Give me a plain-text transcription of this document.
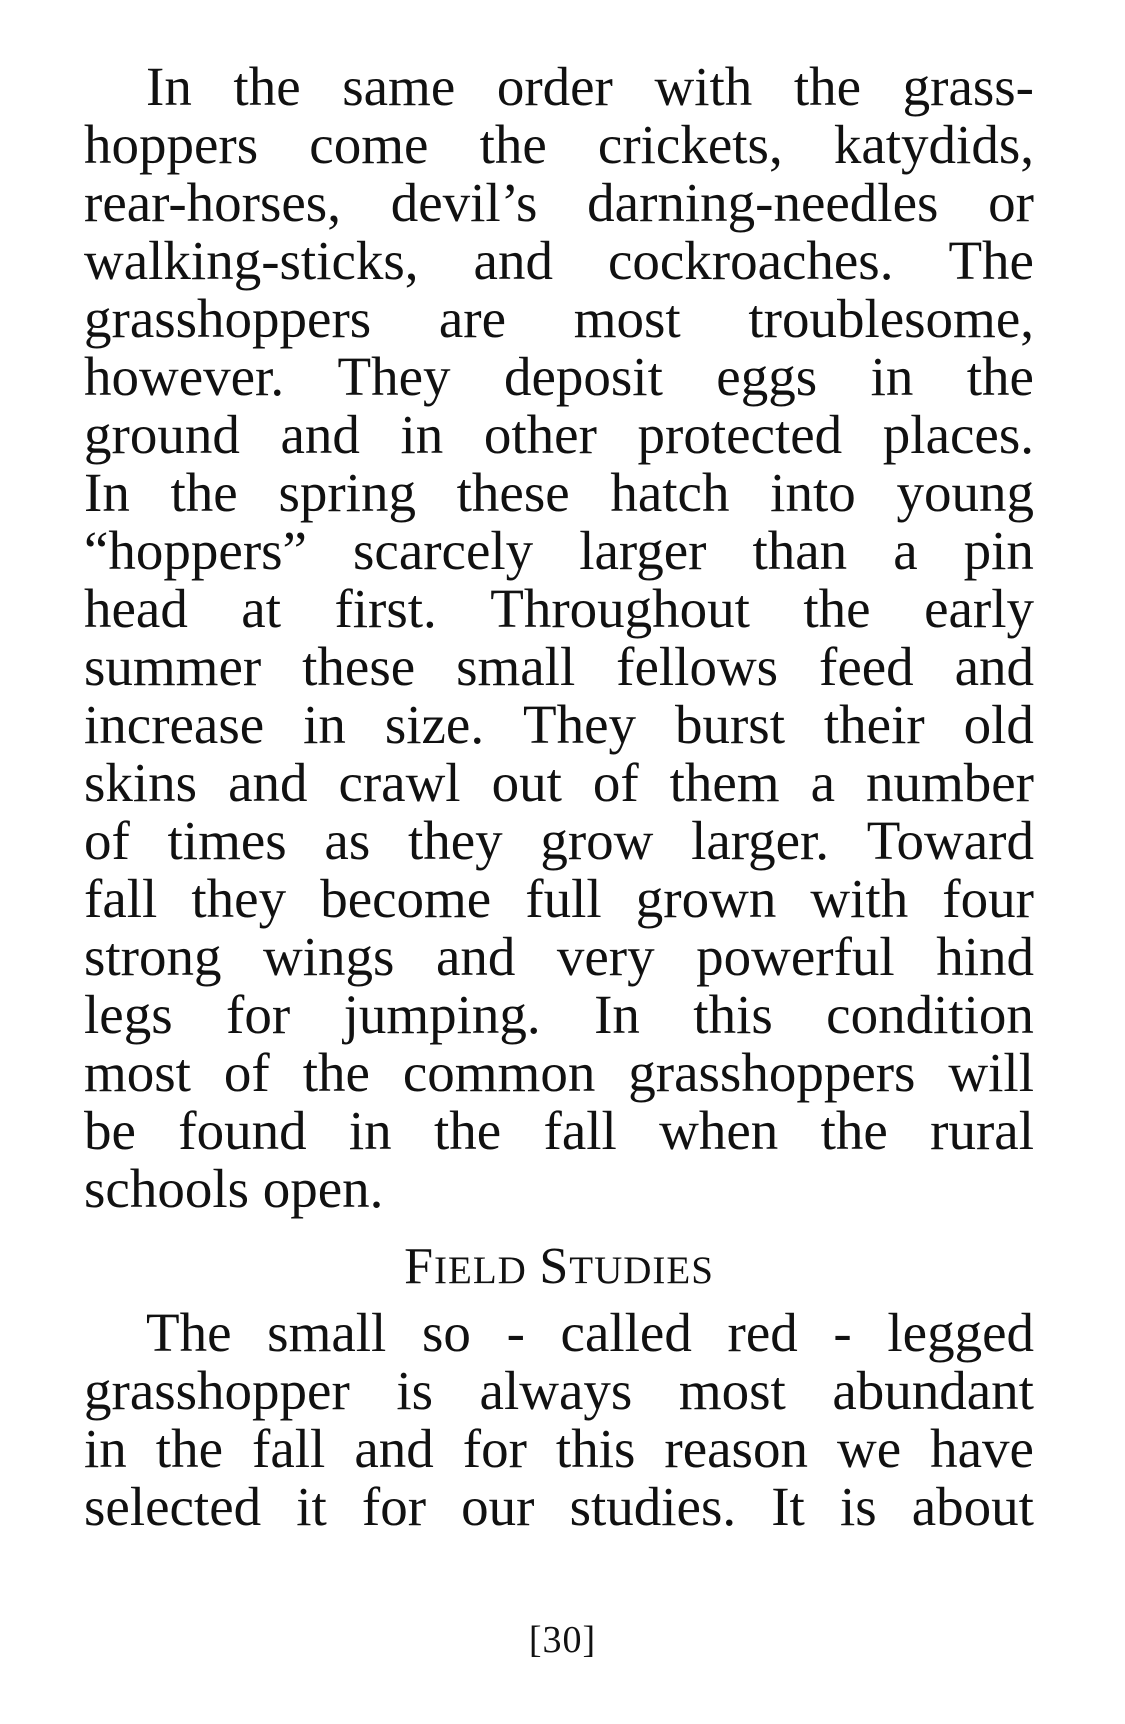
In the same order with the grass-
hoppers come the crickets, katydids,
rear-horses, devil’s darning-needles or
walking-sticks, and cockroaches. The
grasshoppers are most troublesome,
however. They deposit eggs in the
ground and in other protected places.
In the spring these hatch into young
“hoppers” scarcely larger than a pin
head at first. Throughout the early
summer these small fellows feed and
increase in size. They burst their old
skins and crawl out of them a number
of times as they grow larger. Toward
fall they become full grown with four
strong wings and very powerful hind
legs for jumping. In this condition
most of the common grasshoppers will
be found in the fall when the rural
schools open.
FIELD STUDIES
The small so - called red - legged
grasshopper is always most abundant
in the fall and for this reason we have
selected it for our studies. It is about
[30]
